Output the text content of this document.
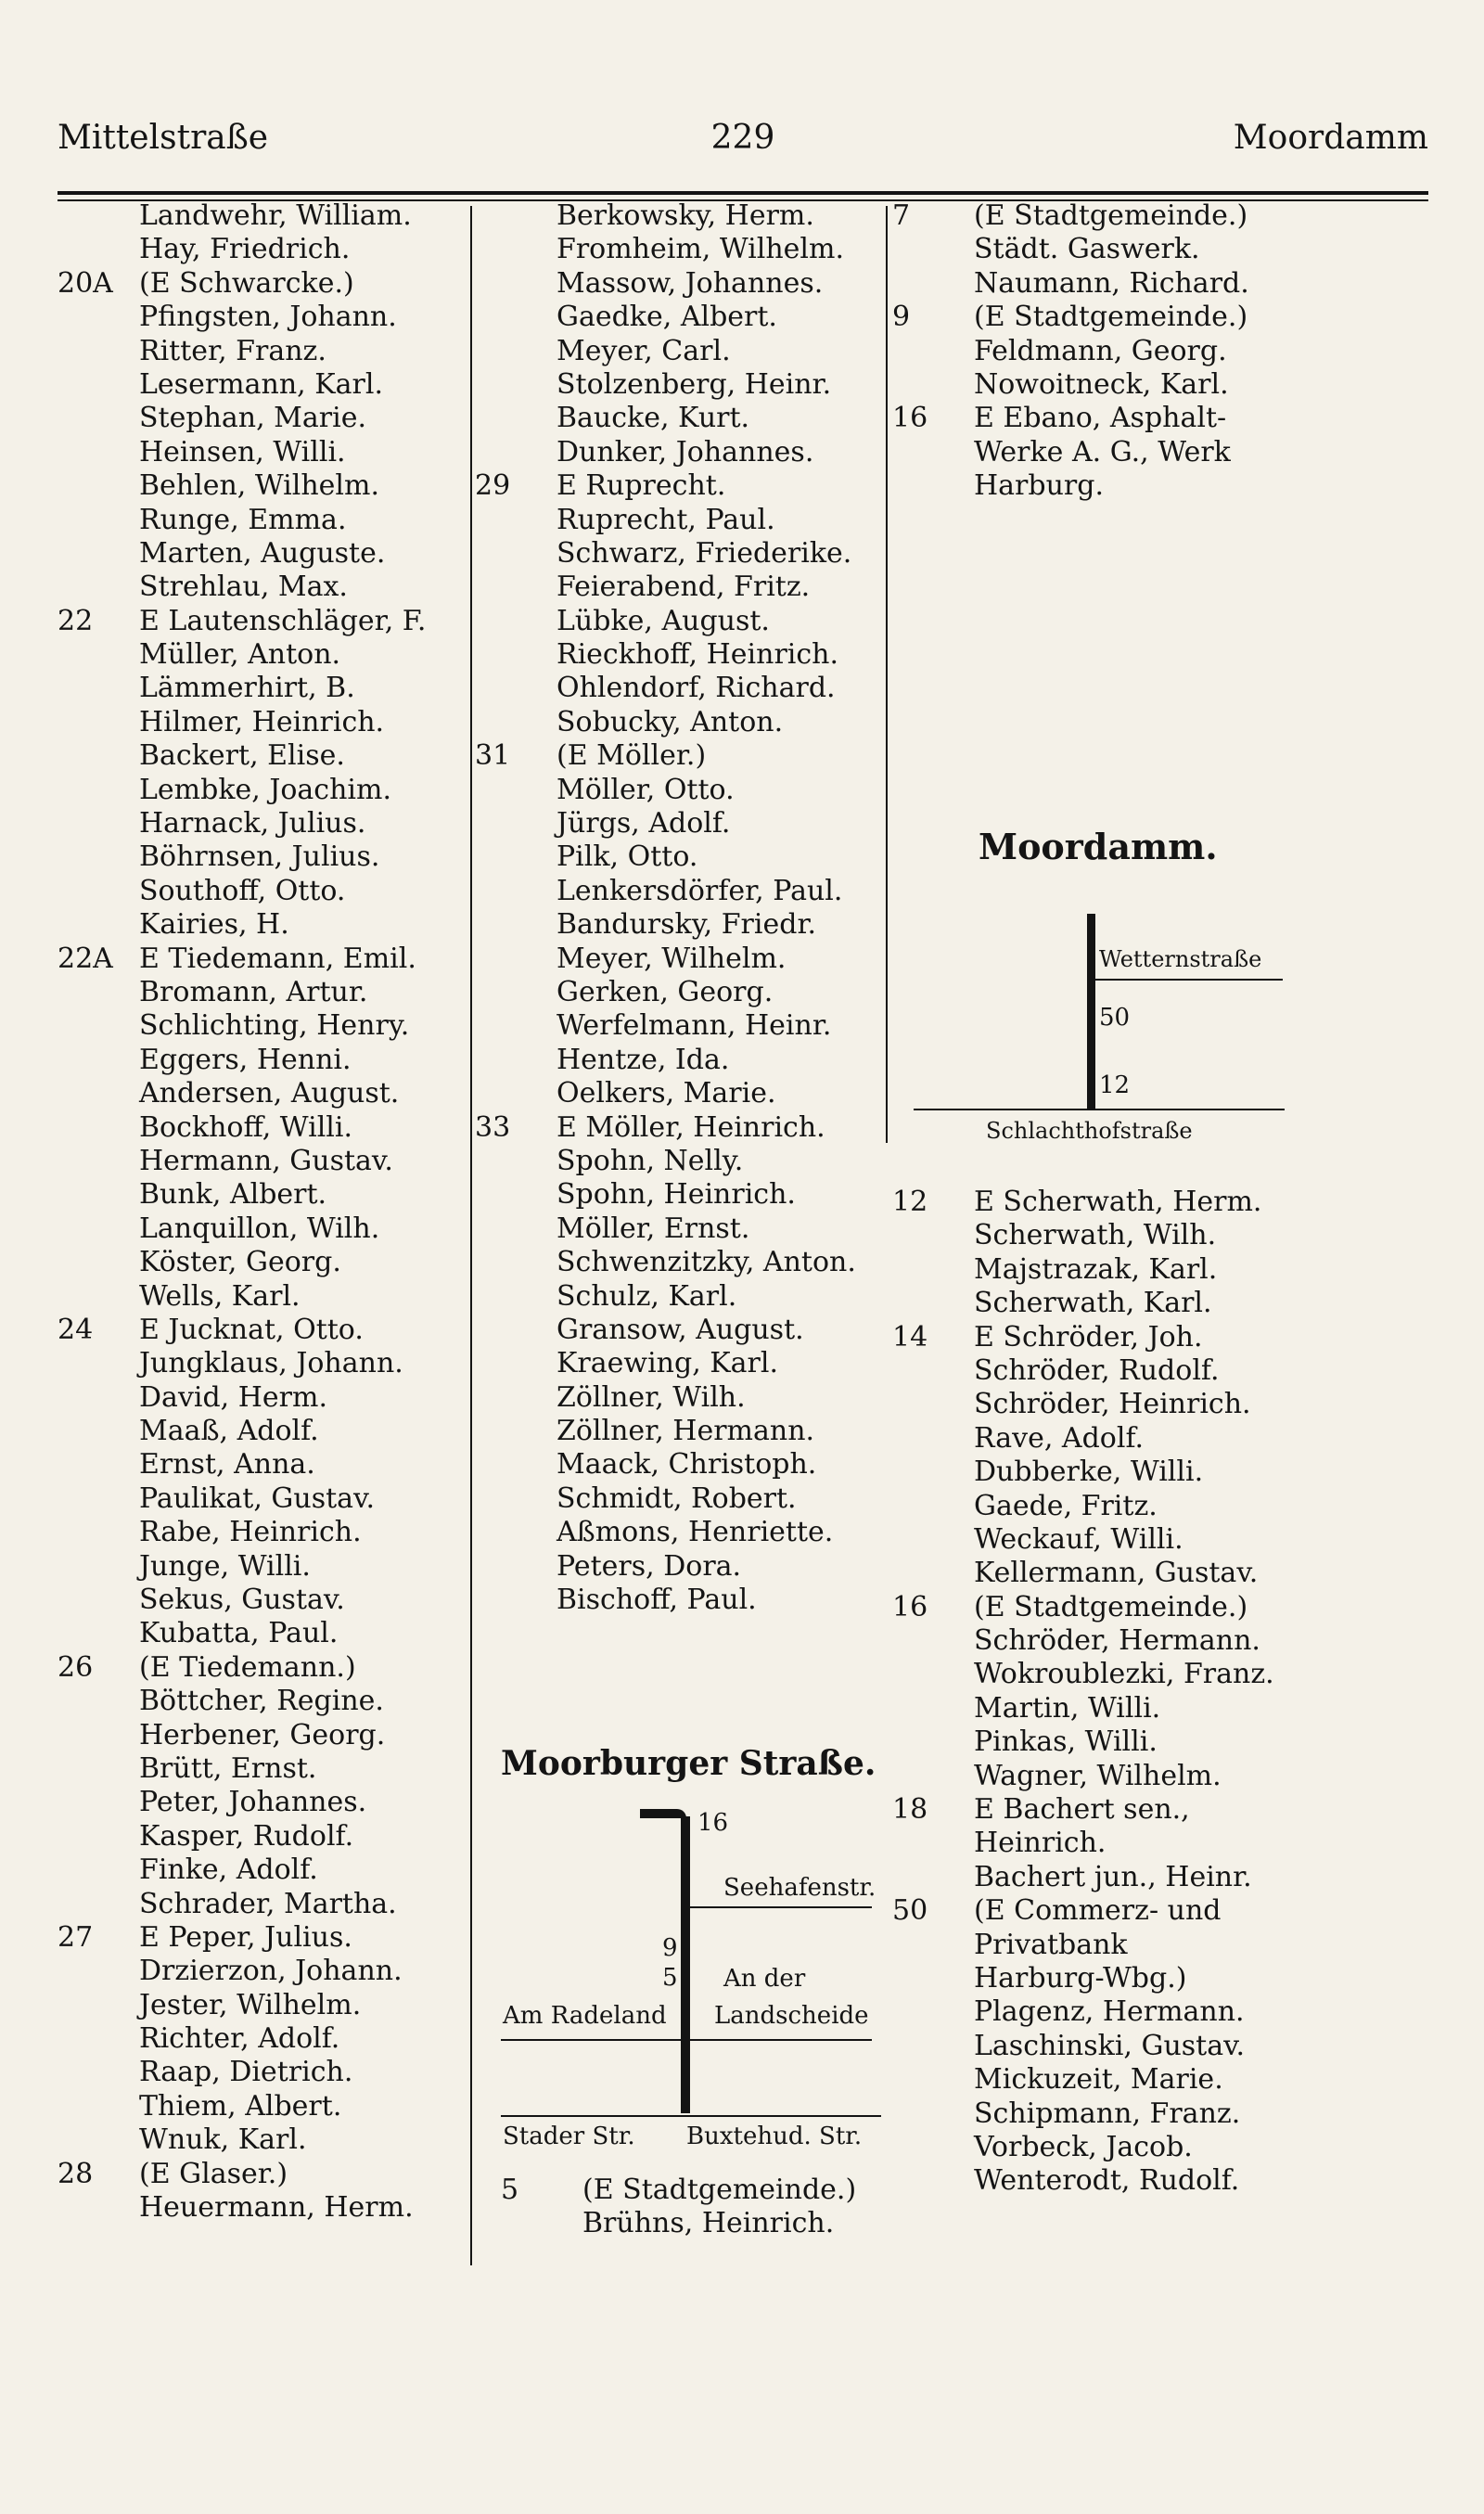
Mittelstraße	229	Moordamm
Landwehr, William.
Hay, Friedrich.
20A (E Schwarcke.)
Pfingsten, Johann.
Ritter, Franz.
Lesermann, Karl.
Stephan, Marie.
Heinsen, Willi.
Behlen, Wilhelm.
Runge, Emma.
Marten, Auguste.
Strehlau, Max.
22	E Lautenschläger, F.
Müller, Anton.
Lämmerhirt, B.
Hilmer, Heinrich.
Backert, Elise.
Lembke, Joachim.
Harnack, Julius.
Böhrnsen, Julius.
Southoff, Otto.
Kairies, H.
22A E Tiedemann, Emil.
Bromann, Artur.
Schlichting, Henry.
Eggers, Henni.
Andersen, August.
Bockhoff, Willi.
Hermann, Gustav.
Bunk, Albert.
Lanquillon, Wilh.
Köster, Georg.
Wells, Karl.
24	E Jucknat, Otto.
Jungklaus, Johann.
David, Herm.
Maaß, Adolf.
Ernst, Anna.
Paulikat, Gustav.
Rabe, Heinrich.
Junge, Willi.
Sekus, Gustav.
Kubatta, Paul.
26	(E Tiedemann.)
Böttcher, Regine.
Herbener, Georg.
Brütt, Ernst.
Peter, Johannes.
Kasper, Rudolf.
Finke, Adolf.
Schrader, Martha.
27	E Peper, Julius.
Drzierzon, Johann.
Jester, Wilhelm.
Richter, Adolf.
Raap, Dietrich.
Thiem, Albert.
Wnuk, Karl.
28	(E Glaser.)
Heuermann, Herm.
Berkowsky, Herm.
Fromheim, Wilhelm.
Massow, Johannes.
Gaedke, Albert.
Meyer, Carl.
Stolzenberg, Heinr.
Baucke, Kurt.
Dunker, Johannes.
29	E Ruprecht.
Ruprecht, Paul.
Schwarz, Friederike.
Feierabend, Fritz.
Lübke, August.
Rieckhoff, Heinrich.
Ohlendorf, Richard.
Sobucky, Anton.
31	(E Möller.)
Möller, Otto.
Jürgs, Adolf.
Pilk, Otto.
Lenkersdörfer, Paul.
Bandursky, Friedr.
Meyer, Wilhelm.
Gerken, Georg.
Werfelmann, Heinr.
Hentze, Ida.
Oelkers, Marie.
33	E Möller, Heinrich.
Spohn, Nelly.
Spohn, Heinrich.
Möller, Ernst.
Schwenzitzky, Anton.
Schulz, Karl.
Gransow, August.
Kraewing, Karl.
Zöllner, Wilh.
Zöllner, Hermann.
Maack, Christoph.
Schmidt, Robert.
Aßmons, Henriette.
Peters, Dora.
Bischoff, Paul.
5	(E Stadtgemeinde.)
Brühns, Heinrich.
7	(E Stadtgemeinde.)
Städt. Gaswerk.
Naumann, Richard.
9	(E Stadtgemeinde.)
Feldmann, Georg.
Nowoitneck, Karl.
16	E Ebano, Asphalt-
Werke A. G., Werk
Harburg.
12	E Scherwath, Herm.
Scherwath, Wilh.
Majstrazak, Karl.
Scherwath, Karl.
14	E Schröder, Joh.
Schröder, Rudolf.
Schröder, Heinrich.
Rave, Adolf.
Dubberke, Willi.
Gaede, Fritz.
Weckauf, Willi.
Kellermann, Gustav.
16	(E Stadtgemeinde.)
Schröder, Hermann.
Wokroublezki, Franz.
Martin, Willi.
Pinkas, Willi.
Wagner, Wilhelm.
18	E Bachert sen.,
Heinrich.
Bachert jun., Heinr.
50	(E Commerz- und
Privatbank
Harburg-Wbg.)
Plagenz, Hermann.
Laschinski, Gustav.
Mickuzeit, Marie.
Schipmann, Franz.
Vorbeck, Jacob.
Wenterodt, Rudolf.
Moorburger Straße.
16
Seehafenstr.
9
5 An der
Landscheide
Am Radeland
Stader Str. Buxtehud. Str.
Moordamm.
Wetternstraße
50
12
Schlachthofstraße
